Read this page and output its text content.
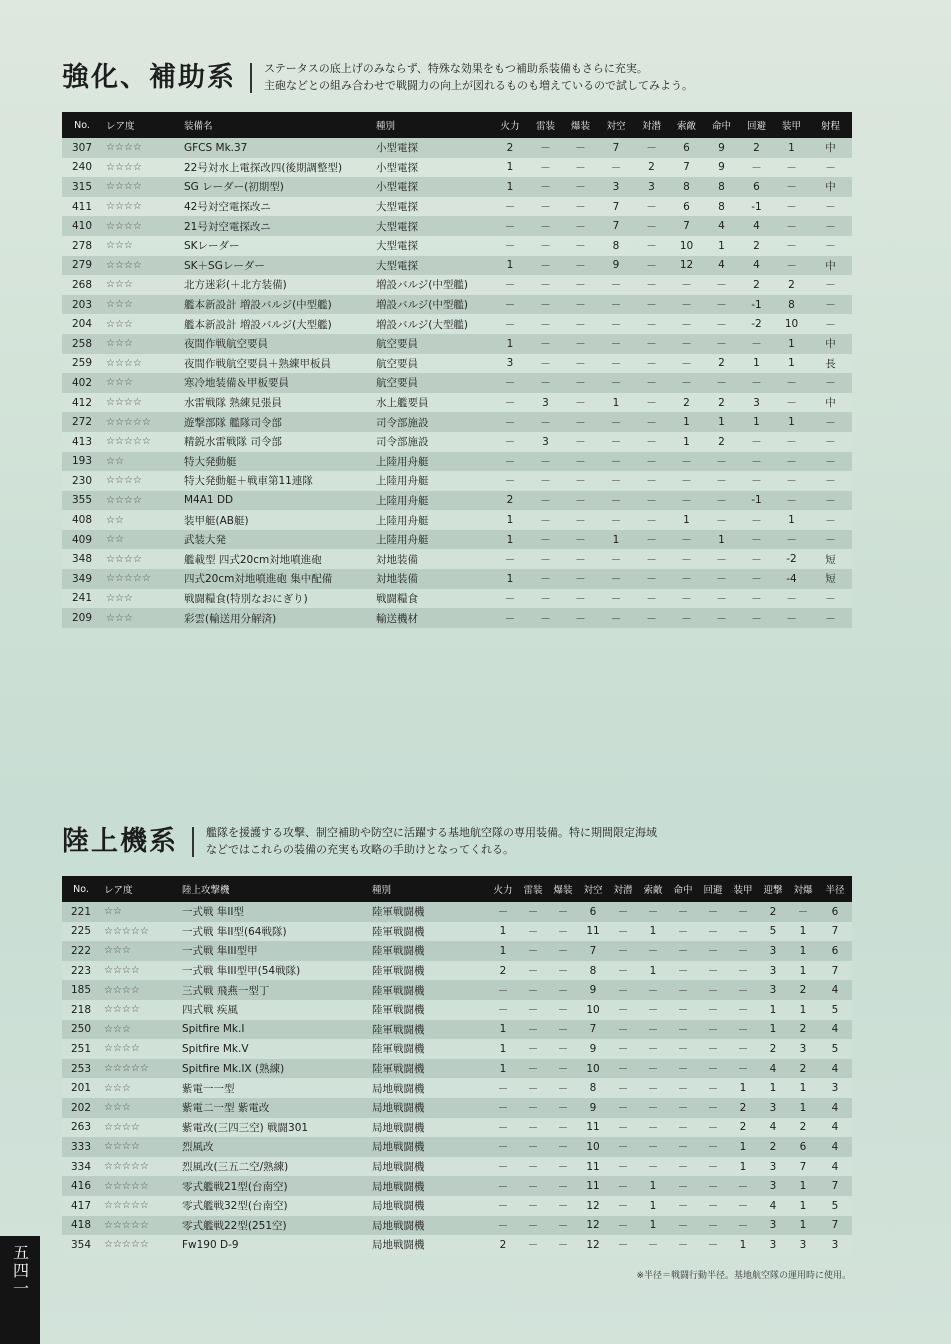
強化、補助系	ステータスの底上げのみならず、特殊な効果をもつ補助系装備もさらに充実。
主砲などとの組み合わせで戦闘力の向上が図れるものも増えているので試してみよう。
No.	レア度	装備名	種別	火力	雷装	爆装	対空	対潜	索敵	命中	回避	装甲	射程
307	☆☆☆☆	GFCS Mk.37	小型電探	2	－	－	7	－	6	9	2	1	中
240	☆☆☆☆	22号対水上電探改四(後期調整型)	小型電探	1	－	－	－	2	7	9	－	－	－
315	☆☆☆☆	SG レーダー(初期型)	小型電探	1	－	－	3	3	8	8	6	－	中
411	☆☆☆☆	42号対空電探改ニ	大型電探	－	－	－	7	－	6	8	-1	－	－
410	☆☆☆☆	21号対空電探改ニ	大型電探	－	－	－	7	－	7	4	4	－	－
278	☆☆☆	SKレーダー	大型電探	－	－	－	8	－	10	1	2	－	－
279	☆☆☆☆	SK＋SGレーダー	大型電探	1	－	－	9	－	12	4	4	－	中
268	☆☆☆	北方迷彩(＋北方装備)	増設バルジ(中型艦)	－	－	－	－	－	－	－	2	2	－
203	☆☆☆	艦本新設計 増設バルジ(中型艦)	増設バルジ(中型艦)	－	－	－	－	－	－	－	-1	8	－
204	☆☆☆	艦本新設計 増設バルジ(大型艦)	増設バルジ(大型艦)	－	－	－	－	－	－	－	-2	10	－
258	☆☆☆	夜間作戦航空要員	航空要員	1	－	－	－	－	－	－	－	1	中
259	☆☆☆☆	夜間作戦航空要員＋熟練甲板員	航空要員	3	－	－	－	－	－	2	1	1	長
402	☆☆☆	寒冷地装備＆甲板要員	航空要員	－	－	－	－	－	－	－	－	－	－
412	☆☆☆☆	水雷戦隊 熟練見張員	水上艦要員	－	3	－	1	－	2	2	3	－	中
272	☆☆☆☆☆	遊撃部隊 艦隊司令部	司令部施設	－	－	－	－	－	1	1	1	1	－
413	☆☆☆☆☆	精鋭水雷戦隊 司令部	司令部施設	－	3	－	－	－	1	2	－	－	－
193	☆☆	特大発動艇	上陸用舟艇	－	－	－	－	－	－	－	－	－	－
230	☆☆☆☆	特大発動艇＋戦車第11連隊	上陸用舟艇	－	－	－	－	－	－	－	－	－	－
355	☆☆☆☆	M4A1 DD	上陸用舟艇	2	－	－	－	－	－	－	-1	－	－
408	☆☆	装甲艇(AB艇)	上陸用舟艇	1	－	－	－	－	1	－	－	1	－
409	☆☆	武装大発	上陸用舟艇	1	－	－	1	－	－	1	－	－	－
348	☆☆☆☆	艦載型 四式20cm対地噴進砲	対地装備	－	－	－	－	－	－	－	－	-2	短
349	☆☆☆☆☆	四式20cm対地噴進砲 集中配備	対地装備	1	－	－	－	－	－	－	－	-4	短
241	☆☆☆	戦闘糧食(特別なおにぎり)	戦闘糧食	－	－	－	－	－	－	－	－	－	－
209	☆☆☆	彩雲(輸送用分解済)	輸送機材	－	－	－	－	－	－	－	－	－	－
陸上機系	艦隊を援護する攻撃、制空補助や防空に活躍する基地航空隊の専用装備。特に期間限定海域
などではこれらの装備の充実も攻略の手助けとなってくれる。
No.	レア度	陸上攻撃機	種別	火力	雷装	爆装	対空	対潜	索敵	命中	回避	装甲	迎撃	対爆	半径
221	☆☆	一式戦 隼II型	陸軍戦闘機	－	－	－	6	－	－	－	－	－	2	－	6
225	☆☆☆☆☆	一式戦 隼II型(64戦隊)	陸軍戦闘機	1	－	－	11	－	1	－	－	－	5	1	7
222	☆☆☆	一式戦 隼III型甲	陸軍戦闘機	1	－	－	7	－	－	－	－	－	3	1	6
223	☆☆☆☆	一式戦 隼III型甲(54戦隊)	陸軍戦闘機	2	－	－	8	－	1	－	－	－	3	1	7
185	☆☆☆☆	三式戦 飛燕一型丁	陸軍戦闘機	－	－	－	9	－	－	－	－	－	3	2	4
218	☆☆☆☆	四式戦 疾風	陸軍戦闘機	－	－	－	10	－	－	－	－	－	1	1	5
250	☆☆☆	Spitfire Mk.I	陸軍戦闘機	1	－	－	7	－	－	－	－	－	1	2	4
251	☆☆☆☆	Spitfire Mk.V	陸軍戦闘機	1	－	－	9	－	－	－	－	－	2	3	5
253	☆☆☆☆☆	Spitfire Mk.IX (熟練)	陸軍戦闘機	1	－	－	10	－	－	－	－	－	4	2	4
201	☆☆☆	紫電一一型	局地戦闘機	－	－	－	8	－	－	－	－	1	1	1	3
202	☆☆☆	紫電二一型 紫電改	局地戦闘機	－	－	－	9	－	－	－	－	2	3	1	4
263	☆☆☆☆	紫電改(三四三空) 戦闘301	局地戦闘機	－	－	－	11	－	－	－	－	2	4	2	4
333	☆☆☆☆	烈風改	局地戦闘機	－	－	－	10	－	－	－	－	1	2	6	4
334	☆☆☆☆☆	烈風改(三五二空/熟練)	局地戦闘機	－	－	－	11	－	－	－	－	1	3	7	4
416	☆☆☆☆☆	零式艦戦21型(台南空)	局地戦闘機	－	－	－	11	－	1	－	－	－	3	1	7
417	☆☆☆☆☆	零式艦戦32型(台南空)	局地戦闘機	－	－	－	12	－	1	－	－	－	4	1	5
418	☆☆☆☆☆	零式艦戦22型(251空)	局地戦闘機	－	－	－	12	－	1	－	－	－	3	1	7
354	☆☆☆☆☆	Fw190 D-9	局地戦闘機	2	－	－	12	－	－	－	－	1	3	3	3
※半径＝戦闘行動半径。基地航空隊の運用時に使用。
五四一
